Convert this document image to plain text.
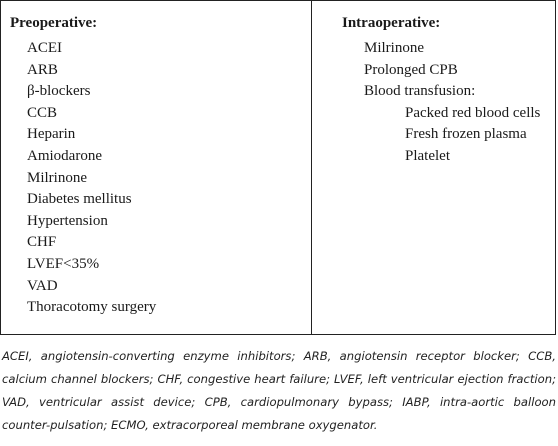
Preoperative:
ACEI
ARB
β-blockers
CCB
Heparin
Amiodarone
Milrinone
Diabetes mellitus
Hypertension
CHF
LVEF<35%
VAD
Thoracotomy surgery
Intraoperative:
Milrinone
Prolonged CPB
Blood transfusion:
Packed red blood cells
Fresh frozen plasma
Platelet
ACEI, angiotensin-converting enzyme inhibitors; ARB, angiotensin receptor blocker; CCB, calcium channel blockers; CHF, congestive heart failure; LVEF, left ventricular ejection fraction; VAD, ventricular assist device; CPB, cardiopulmonary bypass; IABP, intra-aortic balloon counter-pulsation; ECMO, extracorporeal membrane oxygenator.
